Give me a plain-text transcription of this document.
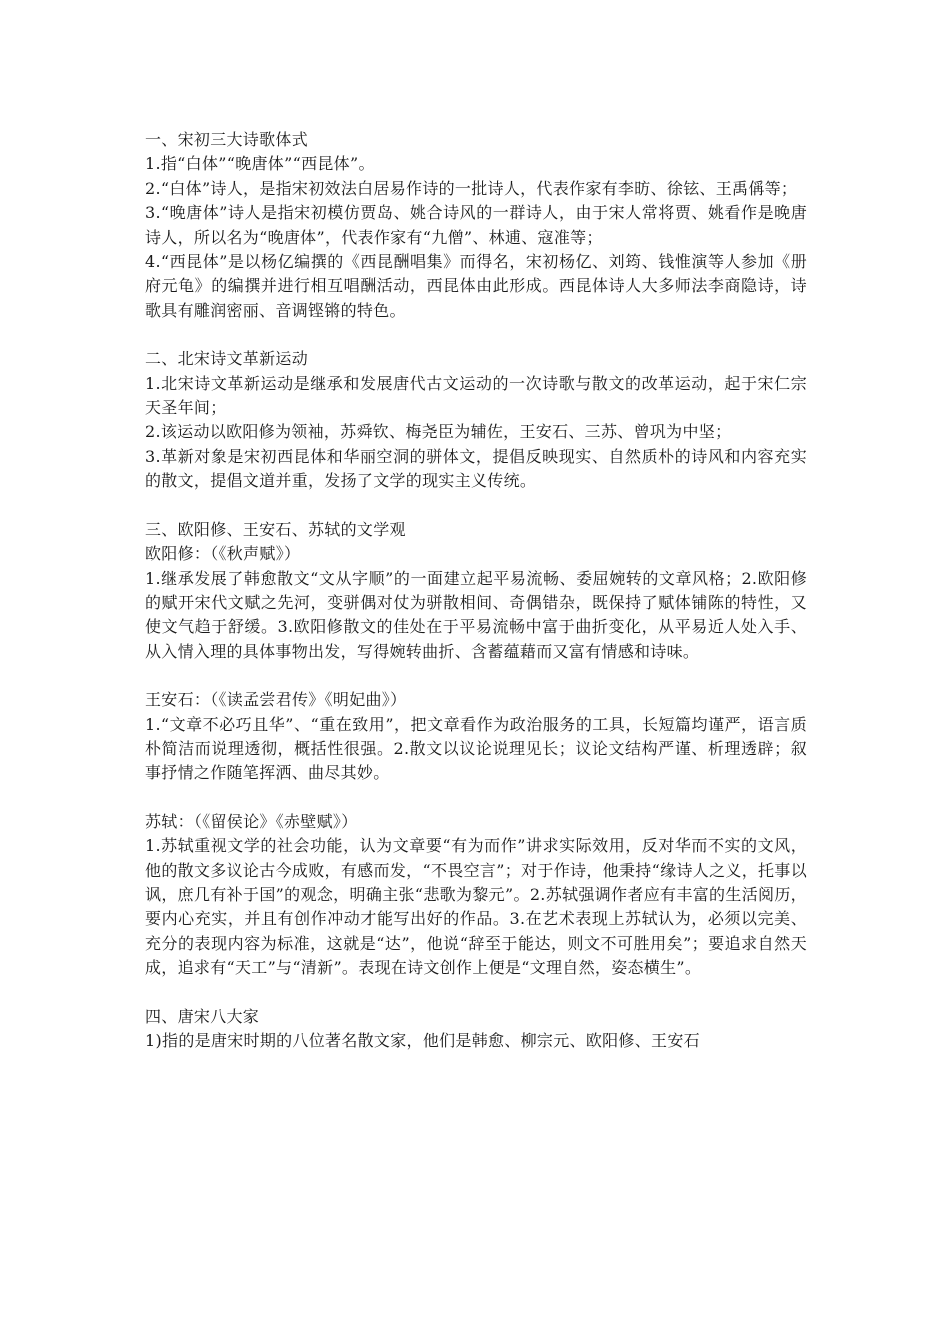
一、宋初三大诗歌体式

1.指“白体”“晚唐体”“西昆体”。

2.“白体”诗人，是指宋初效法白居易作诗的一批诗人，代表作家有李昉、徐铉、王禹偁等；

3.“晚唐体”诗人是指宋初模仿贾岛、姚合诗风的一群诗人，由于宋人常将贾、姚看作是晚唐诗人，所以名为“晚唐体”，代表作家有“九僧”、林逋、寇准等；

4.“西昆体”是以杨亿编撰的《西昆酬唱集》而得名，宋初杨亿、刘筠、钱惟演等人参加《册府元龟》的编撰并进行相互唱酬活动，西昆体由此形成。西昆体诗人大多师法李商隐诗，诗歌具有雕润密丽、音调铿锵的特色。

二、北宋诗文革新运动

1.北宋诗文革新运动是继承和发展唐代古文运动的一次诗歌与散文的改革运动，起于宋仁宗天圣年间；

2.该运动以欧阳修为领袖，苏舜钦、梅尧臣为辅佐，王安石、三苏、曾巩为中坚；

3.革新对象是宋初西昆体和华丽空洞的骈体文，提倡反映现实、自然质朴的诗风和内容充实的散文，提倡文道并重，发扬了文学的现实主义传统。

三、欧阳修、王安石、苏轼的文学观

欧阳修：（《秋声赋》）

1.继承发展了韩愈散文“文从字顺”的一面建立起平易流畅、委屈婉转的文章风格；2.欧阳修的赋开宋代文赋之先河，变骈偶对仗为骈散相间、奇偶错杂，既保持了赋体铺陈的特性，又使文气趋于舒缓。3.欧阳修散文的佳处在于平易流畅中富于曲折变化，从平易近人处入手、从入情入理的具体事物出发，写得婉转曲折、含蓄蕴藉而又富有情感和诗味。

王安石：（《读孟尝君传》《明妃曲》）

1.“文章不必巧且华”、“重在致用”，把文章看作为政治服务的工具，长短篇均谨严，语言质朴简洁而说理透彻，概括性很强。2.散文以议论说理见长；议论文结构严谨、析理透辟；叙事抒情之作随笔挥洒、曲尽其妙。

苏轼：（《留侯论》《赤壁赋》）

1.苏轼重视文学的社会功能，认为文章要“有为而作”讲求实际效用，反对华而不实的文风，他的散文多议论古今成败，有感而发，“不畏空言”；对于作诗，他秉持“缘诗人之义，托事以讽，庶几有补于国”的观念，明确主张“悲歌为黎元”。2.苏轼强调作者应有丰富的生活阅历，要内心充实，并且有创作冲动才能写出好的作品。3.在艺术表现上苏轼认为，必须以完美、充分的表现内容为标准，这就是“达”，他说“辞至于能达，则文不可胜用矣”；要追求自然天成，追求有“天工”与“清新”。表现在诗文创作上便是“文理自然，姿态横生”。

四、唐宋八大家

1)指的是唐宋时期的八位著名散文家，他们是韩愈、柳宗元、欧阳修、王安石
